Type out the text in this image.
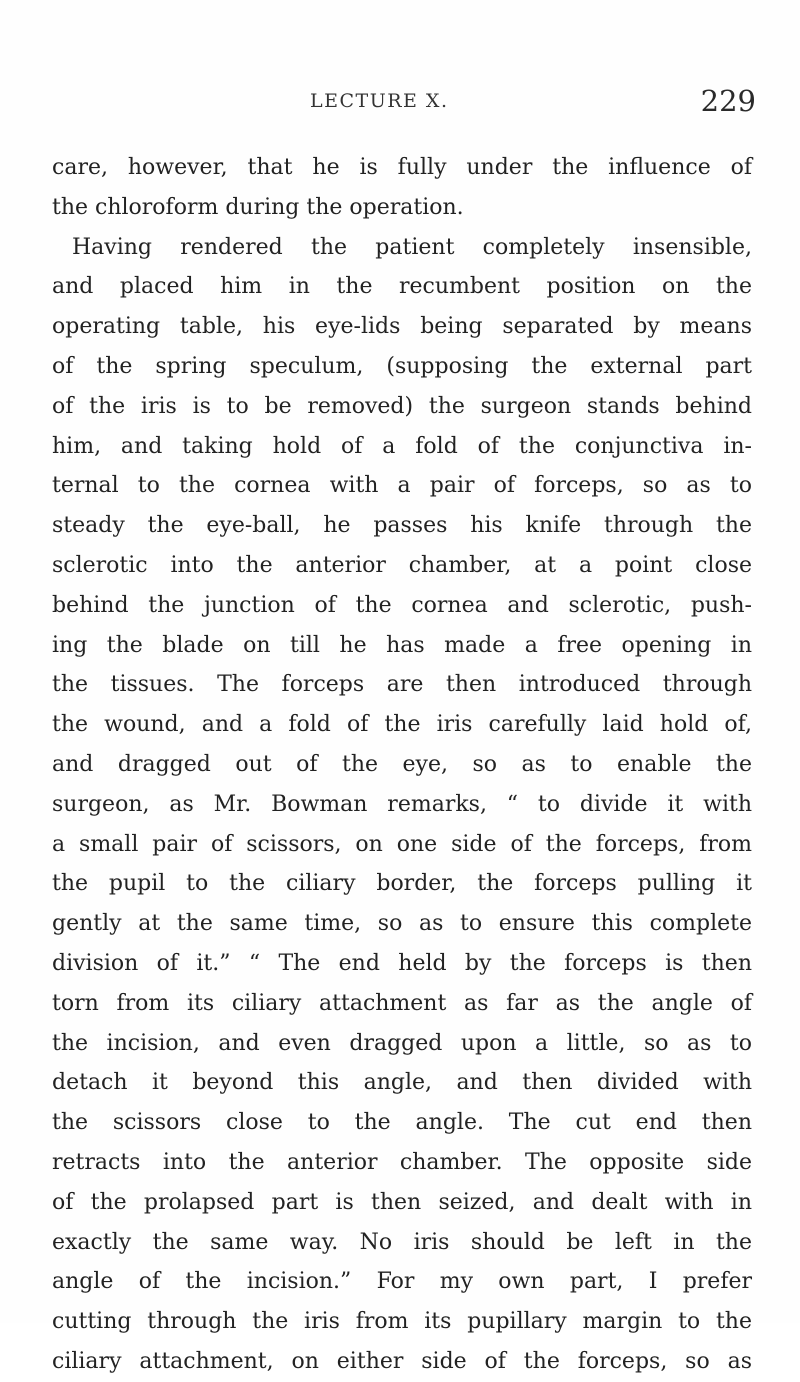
LECTURE X.	229
care, however, that he is fully under the influence of
the chloroform during the operation.
Having rendered the patient completely insensible,
and placed him in the recumbent position on the
operating table, his eye-lids being separated by means
of the spring speculum, (supposing the external part
of the iris is to be removed) the surgeon stands behind
him, and taking hold of a fold of the conjunctiva in-
ternal to the cornea with a pair of forceps, so as to
steady the eye-ball, he passes his knife through the
sclerotic into the anterior chamber, at a point close
behind the junction of the cornea and sclerotic, push-
ing the blade on till he has made a free opening in
the tissues. The forceps are then introduced through
the wound, and a fold of the iris carefully laid hold of,
and dragged out of the eye, so as to enable the
surgeon, as Mr. Bowman remarks, “ to divide it with
a small pair of scissors, on one side of the forceps, from
the pupil to the ciliary border, the forceps pulling it
gently at the same time, so as to ensure this complete
division of it.” “ The end held by the forceps is then
torn from its ciliary attachment as far as the angle of
the incision, and even dragged upon a little, so as to
detach it beyond this angle, and then divided with
the scissors close to the angle. The cut end then
retracts into the anterior chamber. The opposite side
of the prolapsed part is then seized, and dealt with in
exactly the same way. No iris should be left in the
angle of the incision.” For my own part, I prefer
cutting through the iris from its pupillary margin to the
ciliary attachment, on either side of the forceps, so as
